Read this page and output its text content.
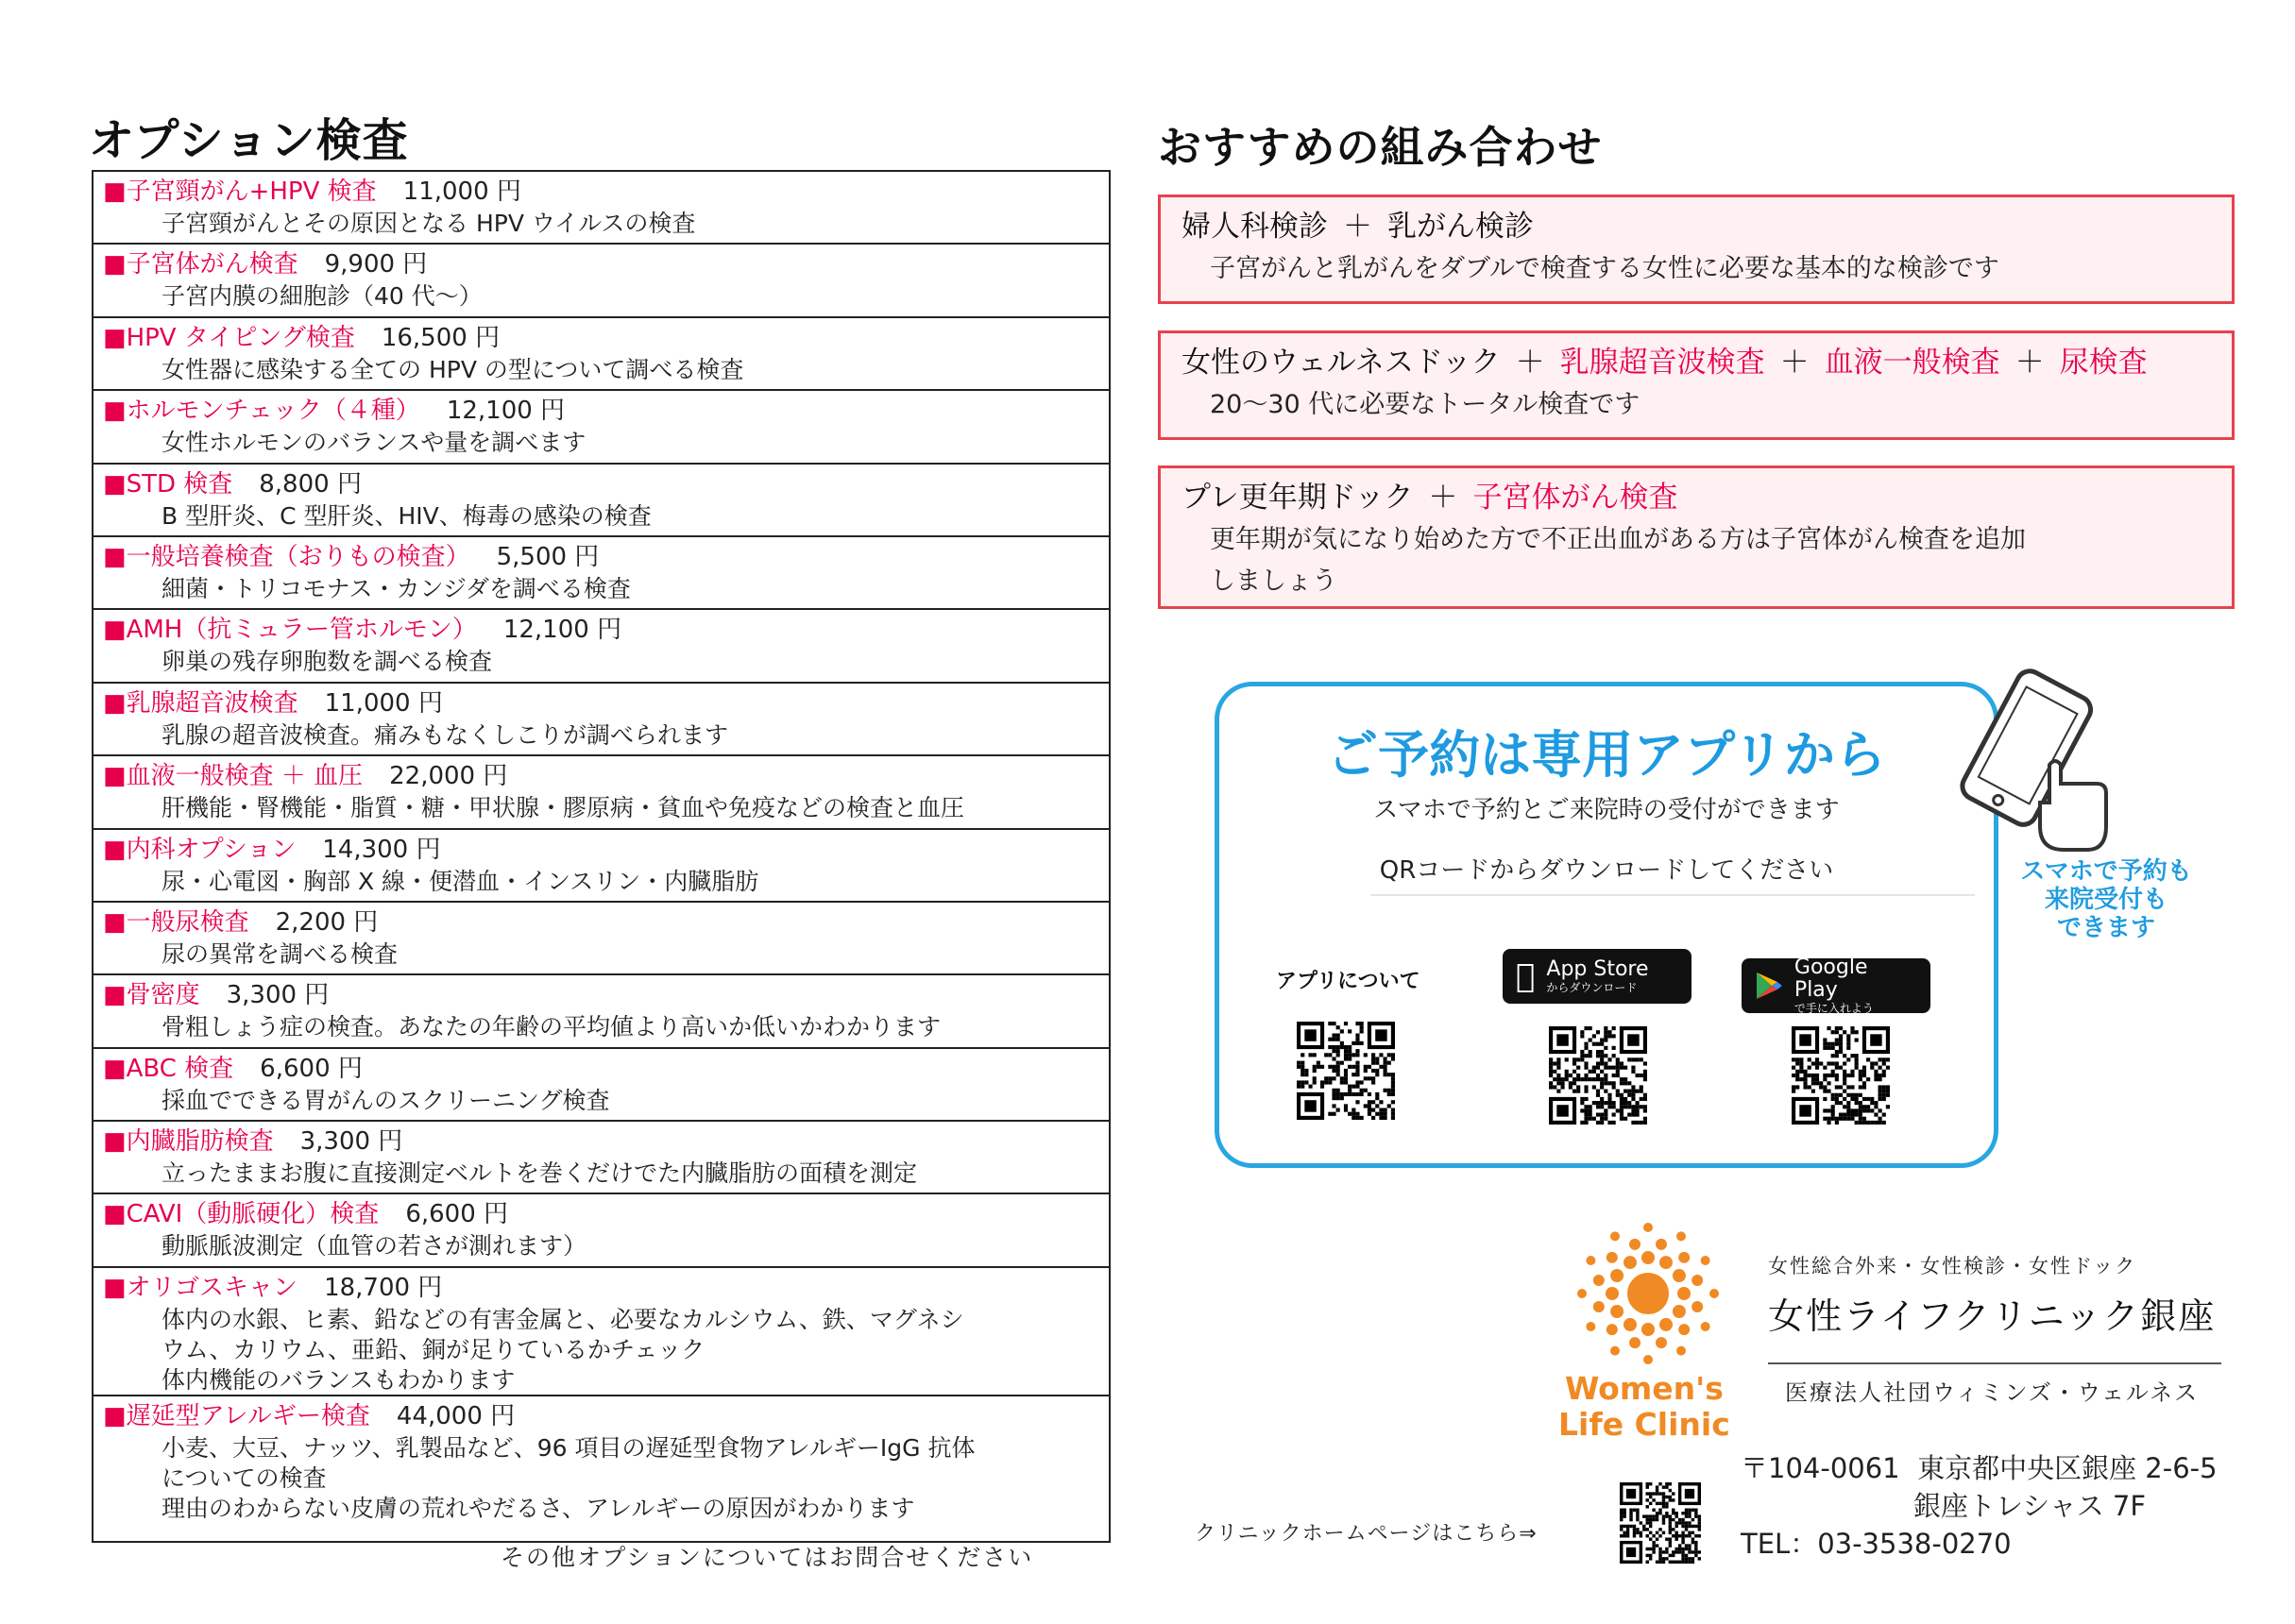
オプション検査
■子宮頸がん+HPV 検査 11,000 円
子宮頸がんとその原因となる HPV ウイルスの検査
■子宮体がん検査 9,900 円
子宮内膜の細胞診（40 代〜）
■HPV タイピング検査 16,500 円
女性器に感染する全ての HPV の型について調べる検査
■ホルモンチェック（４種） 12,100 円
女性ホルモンのバランスや量を調べます
■STD 検査 8,800 円
B 型肝炎、C 型肝炎、HIV、梅毒の感染の検査
■一般培養検査（おりもの検査） 5,500 円
細菌・トリコモナス・カンジダを調べる検査
■AMH（抗ミュラー管ホルモン） 12,100 円
卵巣の残存卵胞数を調べる検査
■乳腺超音波検査 11,000 円
乳腺の超音波検査。痛みもなくしこりが調べられます
■血液一般検査 ＋ 血圧 22,000 円
肝機能・腎機能・脂質・糖・甲状腺・膠原病・貧血や免疫などの検査と血圧
■内科オプション 14,300 円
尿・心電図・胸部 X 線・便潜血・インスリン・内臓脂肪
■一般尿検査 2,200 円
尿の異常を調べる検査
■骨密度 3,300 円
骨粗しょう症の検査。あなたの年齢の平均値より高いか低いかわかります
■ABC 検査 6,600 円
採血でできる胃がんのスクリーニング検査
■内臓脂肪検査 3,300 円
立ったままお腹に直接測定ベルトを巻くだけでた内臓脂肪の面積を測定
■CAVI（動脈硬化）検査 6,600 円
動脈脈波測定（血管の若さが測れます）
■オリゴスキャン 18,700 円
体内の水銀、ヒ素、鉛などの有害金属と、必要なカルシウム、鉄、マグネシ
ウム、カリウム、亜鉛、銅が足りているかチェック
体内機能のバランスもわかります
■遅延型アレルギー検査 44,000 円
小麦、大豆、ナッツ、乳製品など、96 項目の遅延型食物アレルギーIgG 抗体
についての検査
理由のわからない皮膚の荒れやだるさ、アレルギーの原因がわかります
その他オプションについてはお問合せください
おすすめの組み合わせ
婦人科検診 ＋ 乳がん検診
子宮がんと乳がんをダブルで検査する女性に必要な基本的な検診です
女性のウェルネスドック ＋ 乳腺超音波検査 ＋ 血液一般検査 ＋ 尿検査
20〜30 代に必要なトータル検査です
プレ更年期ドック ＋ 子宮体がん検査
更年期が気になり始めた方で不正出血がある方は子宮体がん検査を追加
しましょう
ご予約は専用アプリから
スマホで予約とご来院時の受付ができます
QRコードからダウンロードしてください
アプリについて
App Store
からダウンロード
Google Play
で手に入れよう
スマホで予約も
来院受付も
できます
Women's
Life Clinic
女性総合外来・女性検診・女性ドック
女性ライフクリニック銀座
医療法人社団ウィミンズ・ウェルネス
〒104-0061 東京都中央区銀座 2-6-5
銀座トレシャス 7F
TEL：03-3538-0270
クリニックホームページはこちら⇒
